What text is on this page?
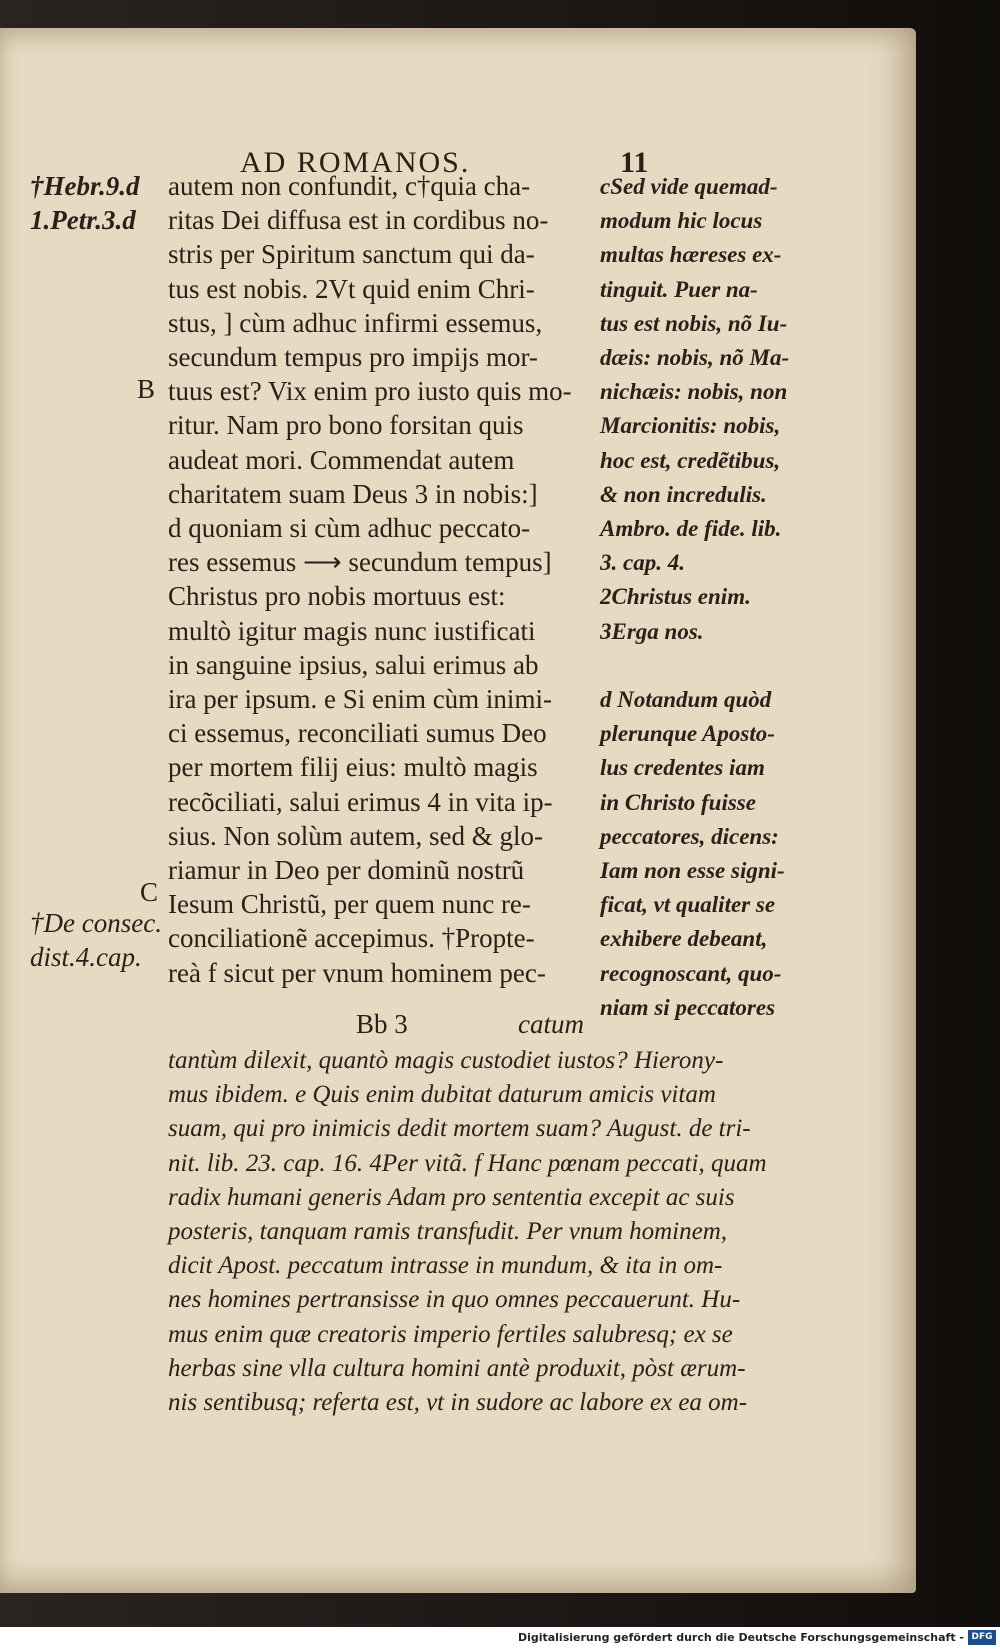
AD ROMANOS.	11
†Hebr.9.d
1.Petr.3.d
B
C
†De consec.
dist.4.cap.
autem non confundit, c†quia cha-
ritas Dei diffusa est in cordibus no-
stris per Spiritum sanctum qui da-
tus est nobis. 2Vt quid enim Chri-
stus, ] cùm adhuc infirmi essemus,
secundum tempus pro impijs mor-
tuus est? Vix enim pro iusto quis mo-
ritur. Nam pro bono forsitan quis
audeat mori. Commendat autem
charitatem suam Deus 3 in nobis:]
d quoniam si cùm adhuc peccato-
res essemus ⟶ secundum tempus]
Christus pro nobis mortuus est:
multò igitur magis nunc iustificati
in sanguine ipsius, salui erimus ab
ira per ipsum. e Si enim cùm inimi-
ci essemus, reconciliati sumus Deo
per mortem filij eius: multò magis
recõciliati, salui erimus 4 in vita ip-
sius. Non solùm autem, sed & glo-
riamur in Deo per dominũ nostrũ
Iesum Christũ, per quem nunc re-
conciliationẽ accepimus. †Propte-
reà f sicut per vnum hominem pec-
cSed vide quemad-
modum hic locus
multas hæreses ex-
tinguit. Puer na-
tus est nobis, nõ Iu-
dæis: nobis, nõ Ma-
nichæis: nobis, non
Marcionitis: nobis,
hoc est, credẽtibus,
& non incredulis.
Ambro. de fide. lib.
3. cap. 4.
2Christus enim.
3Erga nos.
d Notandum quòd
plerunque Aposto-
lus credentes iam
in Christo fuisse
peccatores, dicens:
Iam non esse signi-
ficat, vt qualiter se
exhibere debeant,
recognoscant, quo-
niam si peccatores
Bb 3	catum
tantùm dilexit, quantò magis custodiet iustos? Hierony-
mus ibidem. e Quis enim dubitat daturum amicis vitam
suam, qui pro inimicis dedit mortem suam? August. de tri-
nit. lib. 23. cap. 16. 4Per vitã. f Hanc pœnam peccati, quam
radix humani generis Adam pro sententia excepit ac suis
posteris, tanquam ramis transfudit. Per vnum hominem,
dicit Apost. peccatum intrasse in mundum, & ita in om-
nes homines pertransisse in quo omnes peccauerunt. Hu-
mus enim quæ creatoris imperio fertiles salubresq; ex se
herbas sine vlla cultura homini antè produxit, pòst ærum-
nis sentibusq; referta est, vt in sudore ac labore ex ea om-
Digitalisierung gefördert durch die Deutsche Forschungsgemeinschaft - DFG
